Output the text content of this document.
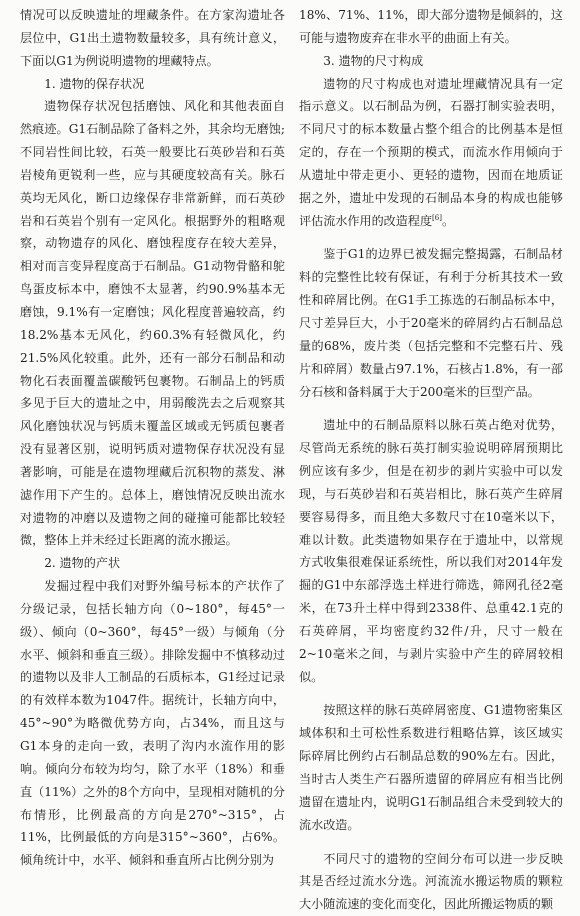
情况可以反映遗址的埋藏条件。在方家沟遗址各层位中，G1出土遗物数量较多，具有统计意义，下面以G1为例说明遗物的埋藏特点。

1. 遗物的保存状况

遗物保存状况包括磨蚀、风化和其他表面自然痕迹。G1石制品除了备料之外，其余均无磨蚀;不同岩性间比较，石英一般要比石英砂岩和石英岩棱角更锐利一些，应与其硬度较高有关。脉石英均无风化，断口边缘保存非常新鲜，而石英砂岩和石英岩个别有一定风化。根据野外的粗略观察，动物遗存的风化、磨蚀程度存在较大差异，相对而言变异程度高于石制品。G1动物骨骼和鸵鸟蛋皮标本中，磨蚀不太显著，约90.9%基本无磨蚀，9.1%有一定磨蚀；风化程度普遍较高，约18.2%基本无风化，约60.3%有轻微风化，约21.5%风化较重。此外，还有一部分石制品和动物化石表面覆盖碳酸钙包裹物。石制品上的钙质多见于巨大的遗址之中，用弱酸洗去之后观察其风化磨蚀状况与钙质未覆盖区域或无钙质包裹者没有显著区别，说明钙质对遗物保存状况没有显著影响，可能是在遗物埋藏后沉积物的蒸发、淋滤作用下产生的。总体上，磨蚀情况反映出流水对遗物的冲磨以及遗物之间的碰撞可能都比较轻微，整体上并未经过长距离的流水搬运。

2. 遗物的产状

发掘过程中我们对野外编号标本的产状作了分级记录，包括长轴方向（0~180°，每45°一级）、倾向（0~360°，每45°一级）与倾角（分水平、倾斜和垂直三级）。排除发掘中不慎移动过的遗物以及非人工制品的石质标本，G1经过记录的有效样本数为1047件。据统计，长轴方向中，45°~90°为略微优势方向，占34%，而且这与G1本身的走向一致，表明了沟内水流作用的影响。倾向分布较为均匀，除了水平（18%）和垂直（11%）之外的8个方向中，呈现相对随机的分布情形，比例最高的方向是270°~315°，占11%，比例最低的方向是315°~360°，占6%。倾角统计中，水平、倾斜和垂直所占比例分别为

18%、71%、11%，即大部分遗物是倾斜的，这可能与遗物废弃在非水平的曲面上有关。

3. 遗物的尺寸构成

遗物的尺寸构成也对遗址埋藏情况具有一定指示意义。以石制品为例，石器打制实验表明，不同尺寸的标本数量占整个组合的比例基本是恒定的，存在一个预期的模式，而流水作用倾向于从遗址中带走更小、更轻的遗物，因而在地质证据之外，遗址中发现的石制品本身的构成也能够评估流水作用的改造程度[6]。

鉴于G1的边界已被发掘完整揭露，石制品材料的完整性比较有保证，有利于分析其技术一致性和碎屑比例。在G1手工拣选的石制品标本中，尺寸差异巨大，小于20毫米的碎屑约占石制品总量的68%，废片类（包括完整和不完整石片、残片和碎屑）数量占97.1%，石核占1.8%，有一部分石核和备料属于大于200毫米的巨型产品。

遗址中的石制品原料以脉石英占绝对优势，尽管尚无系统的脉石英打制实验说明碎屑预期比例应该有多少，但是在初步的剥片实验中可以发现，与石英砂岩和石英岩相比，脉石英产生碎屑要容易得多，而且绝大多数尺寸在10毫米以下，难以计数。此类遗物如果存在于遗址中，以常规方式收集很难保证系统性，所以我们对2014年发掘的G1中东部浮选土样进行筛选，筛网孔径2毫米，在73升土样中得到2338件、总重42.1克的石英碎屑，平均密度约32件/升，尺寸一般在2~10毫米之间，与剥片实验中产生的碎屑较相似。

按照这样的脉石英碎屑密度、G1遗物密集区域体积和土可松性系数进行粗略估算，该区域实际碎屑比例约占石制品总数的90%左右。因此，当时古人类生产石器所遗留的碎屑应有相当比例遗留在遗址内，说明G1石制品组合未受到较大的流水改造。

不同尺寸的遗物的空间分布可以进一步反映其是否经过流水分选。河流流水搬运物质的颗粒大小随流速的变化而变化，因此所搬运物质的颗
